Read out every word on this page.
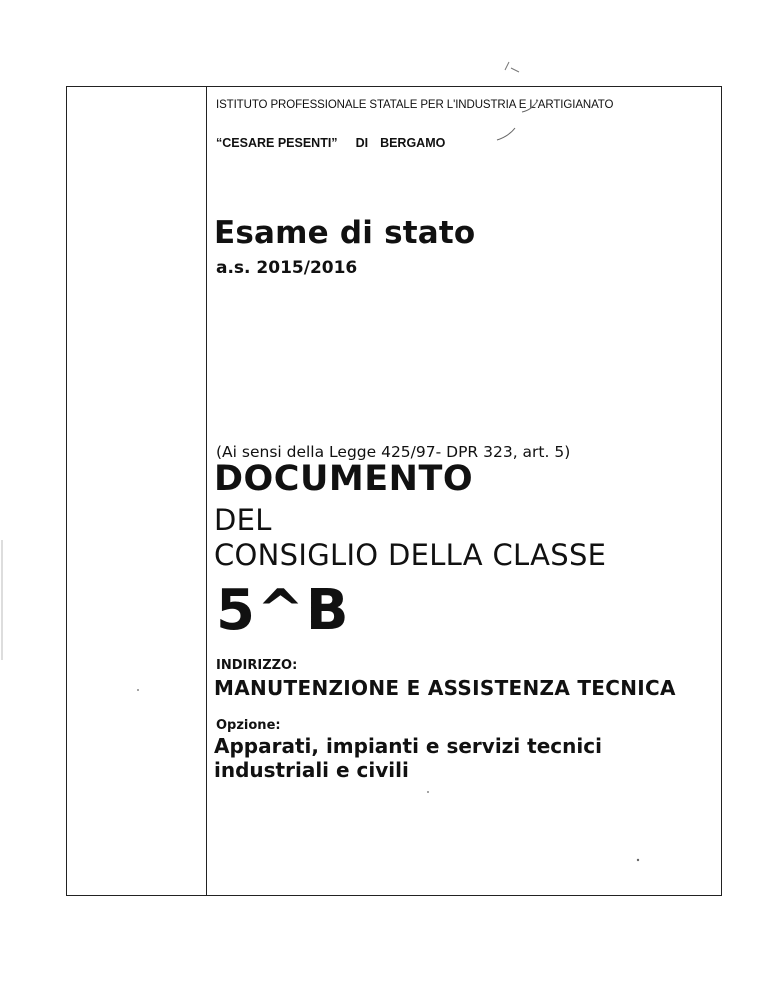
ISTITUTO PROFESSIONALE STATALE PER L'INDUSTRIA E L'ARTIGIANATO
“CESARE PESENTI” DI BERGAMO
Esame di stato
a.s. 2015/2016
(Ai sensi della Legge 425/97- DPR 323, art. 5)
DOCUMENTO
DEL
CONSIGLIO DELLA CLASSE
5^B
INDIRIZZO:
MANUTENZIONE E ASSISTENZA TECNICA
Opzione:
Apparati, impianti e servizi tecnici
industriali e civili
